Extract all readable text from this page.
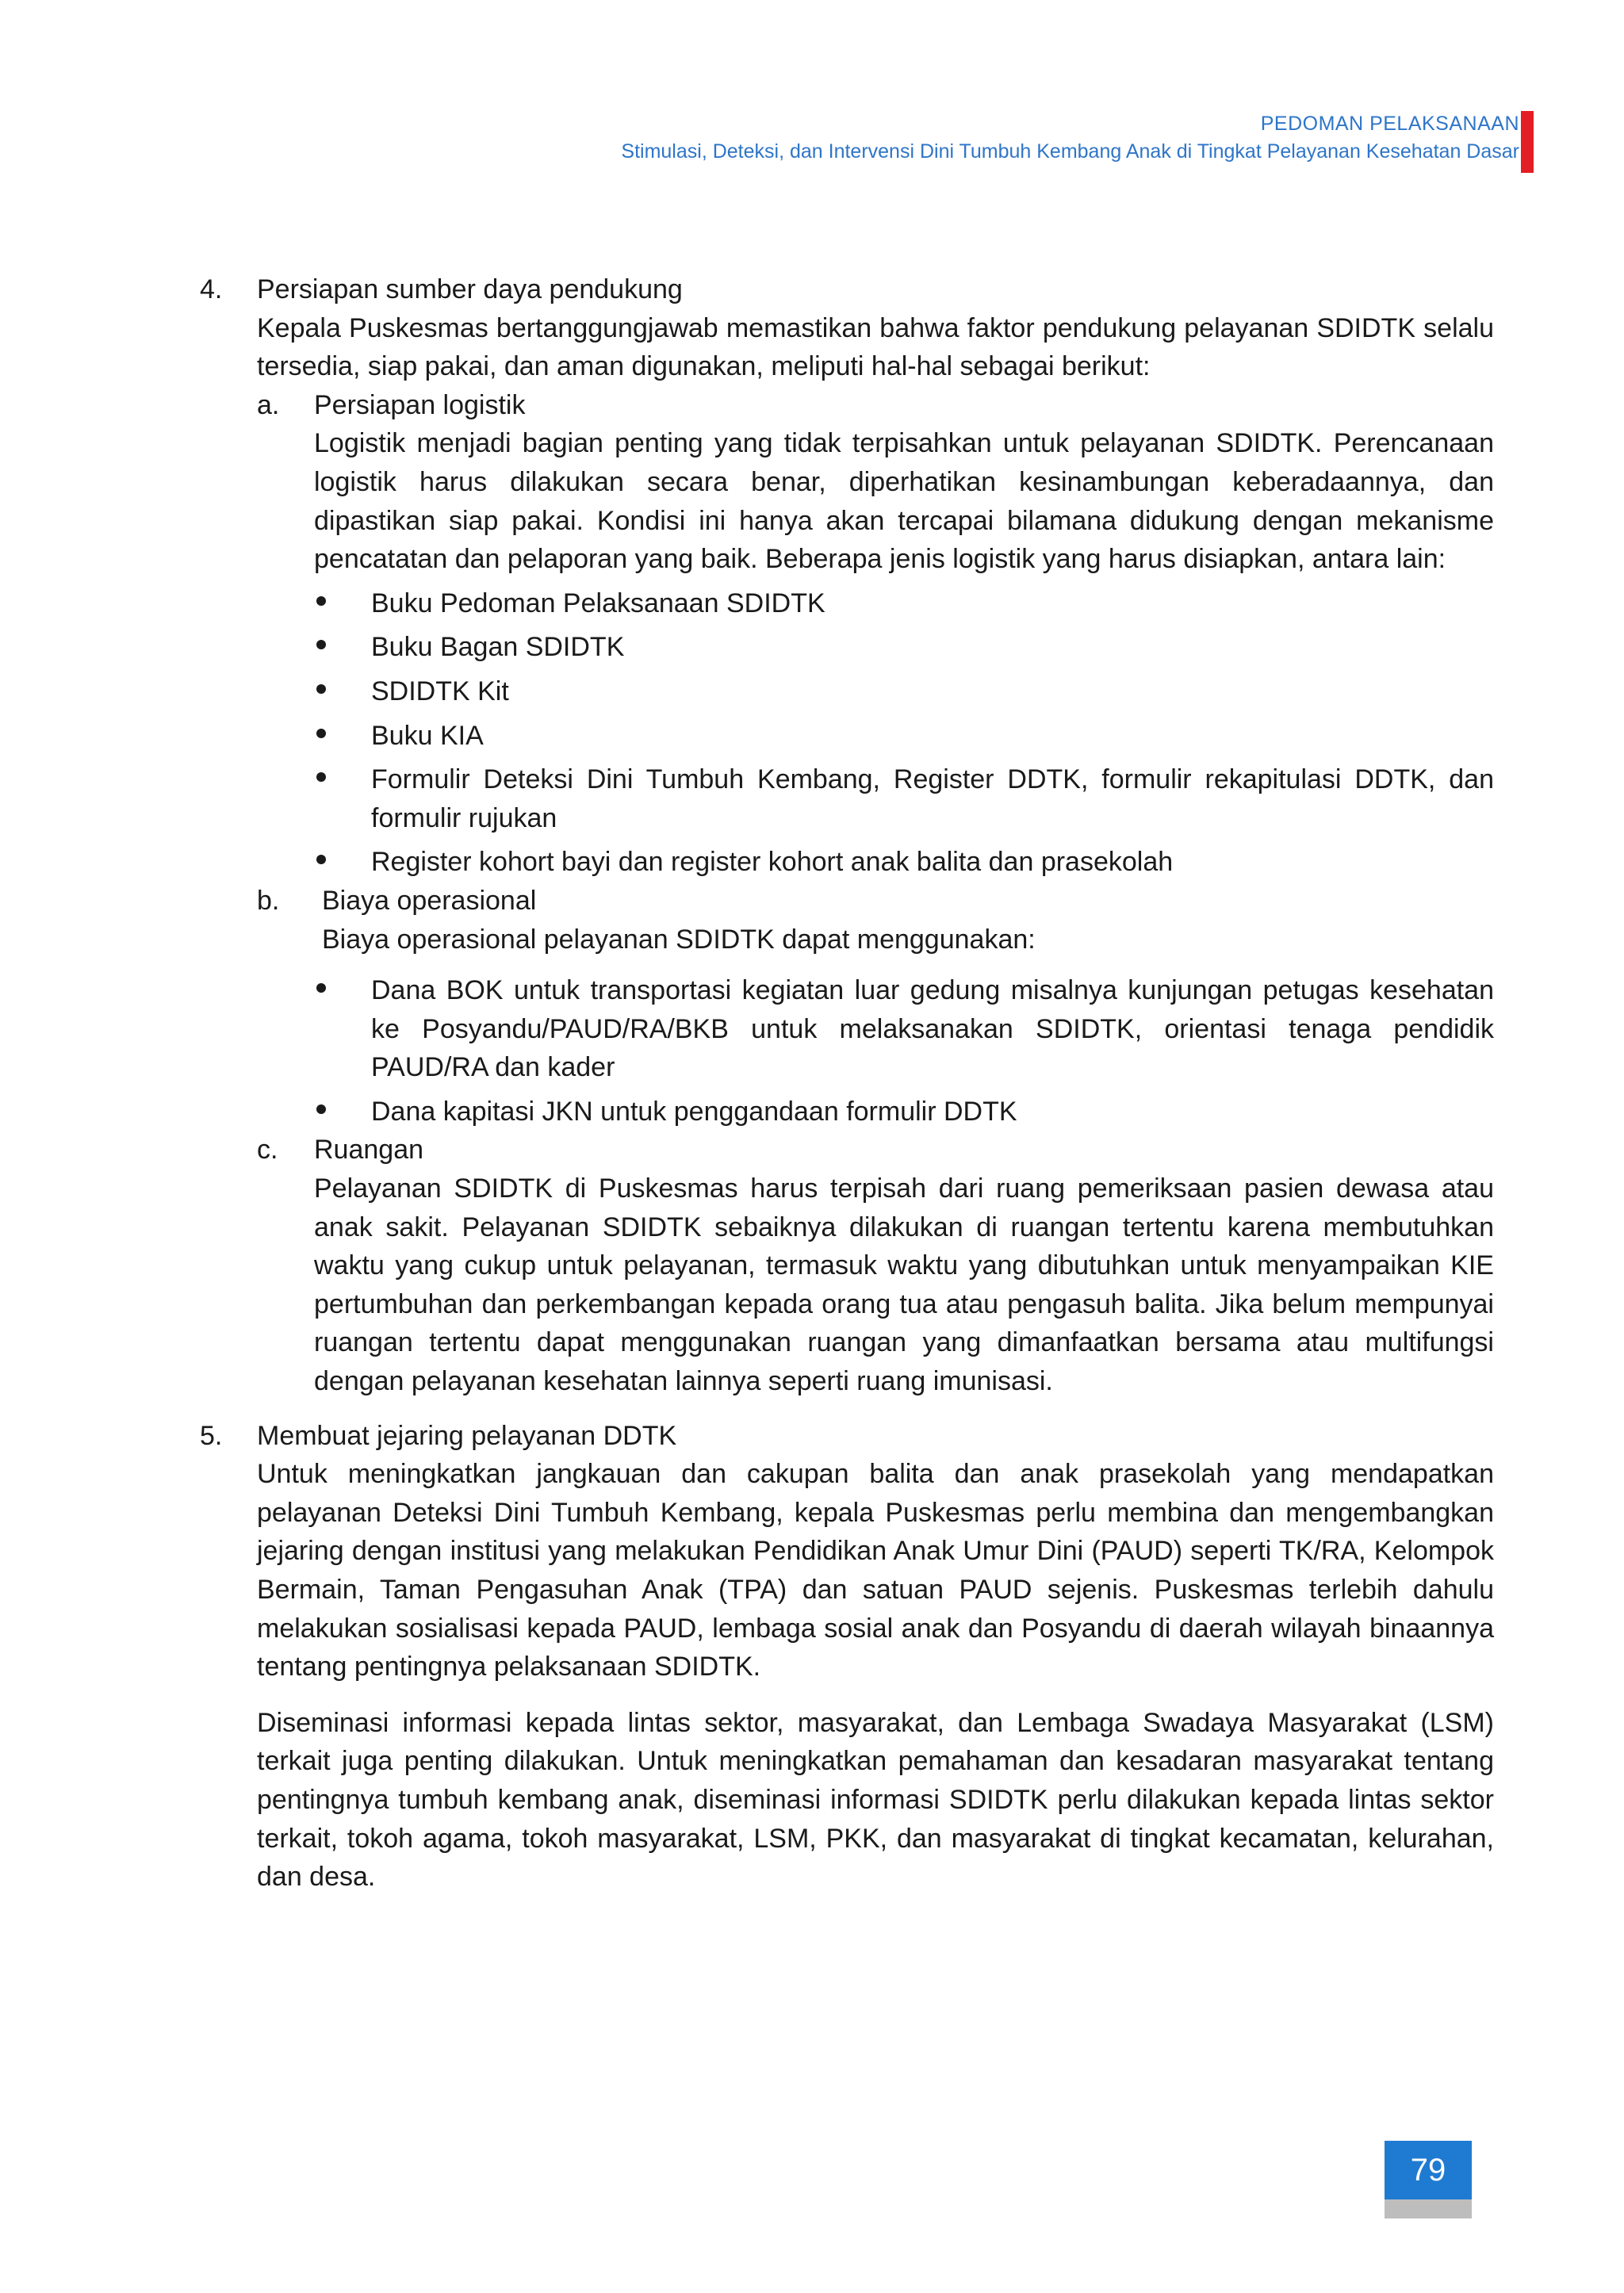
PEDOMAN PELAKSANAAN
Stimulasi, Deteksi, dan Intervensi Dini Tumbuh Kembang Anak di Tingkat Pelayanan Kesehatan Dasar
4. Persiapan sumber daya pendukung
Kepala Puskesmas bertanggungjawab memastikan bahwa faktor pendukung pelayanan SDIDTK selalu tersedia, siap pakai, dan aman digunakan, meliputi hal-hal sebagai berikut:
a. Persiapan logistik
Logistik menjadi bagian penting yang tidak terpisahkan untuk pelayanan SDIDTK. Perencanaan logistik harus dilakukan secara benar, diperhatikan kesinambungan keberadaannya, dan dipastikan siap pakai. Kondisi ini hanya akan tercapai bilamana didukung dengan mekanisme pencatatan dan pelaporan yang baik. Beberapa jenis logistik yang harus disiapkan, antara lain:
Buku Pedoman Pelaksanaan SDIDTK
Buku Bagan SDIDTK
SDIDTK Kit
Buku KIA
Formulir Deteksi Dini Tumbuh Kembang, Register DDTK, formulir rekapitulasi DDTK, dan formulir rujukan
Register kohort bayi dan register kohort anak balita dan prasekolah
b. Biaya operasional
Biaya operasional pelayanan SDIDTK dapat menggunakan:
Dana BOK untuk transportasi kegiatan luar gedung misalnya kunjungan petugas kesehatan ke Posyandu/PAUD/RA/BKB untuk melaksanakan SDIDTK, orientasi tenaga pendidik PAUD/RA dan kader
Dana kapitasi JKN untuk penggandaan formulir DDTK
c. Ruangan
Pelayanan SDIDTK di Puskesmas harus terpisah dari ruang pemeriksaan pasien dewasa atau anak sakit. Pelayanan SDIDTK sebaiknya dilakukan di ruangan tertentu karena membutuhkan waktu yang cukup untuk pelayanan, termasuk waktu yang dibutuhkan untuk menyampaikan KIE pertumbuhan dan perkembangan kepada orang tua atau pengasuh balita. Jika belum mempunyai ruangan tertentu dapat menggunakan ruangan yang dimanfaatkan bersama atau multifungsi dengan pelayanan kesehatan lainnya seperti ruang imunisasi.
5. Membuat jejaring pelayanan DDTK
Untuk meningkatkan jangkauan dan cakupan balita dan anak prasekolah yang mendapatkan pelayanan Deteksi Dini Tumbuh Kembang, kepala Puskesmas perlu membina dan mengembangkan jejaring dengan institusi yang melakukan Pendidikan Anak Umur Dini (PAUD) seperti TK/RA, Kelompok Bermain, Taman Pengasuhan Anak (TPA) dan satuan PAUD sejenis. Puskesmas terlebih dahulu melakukan sosialisasi kepada PAUD, lembaga sosial anak dan Posyandu di daerah wilayah binaannya tentang pentingnya pelaksanaan SDIDTK.
Diseminasi informasi kepada lintas sektor, masyarakat, dan Lembaga Swadaya Masyarakat (LSM) terkait juga penting dilakukan. Untuk meningkatkan pemahaman dan kesadaran masyarakat tentang pentingnya tumbuh kembang anak, diseminasi informasi SDIDTK perlu dilakukan kepada lintas sektor terkait, tokoh agama, tokoh masyarakat, LSM, PKK, dan masyarakat di tingkat kecamatan, kelurahan, dan desa.
79
